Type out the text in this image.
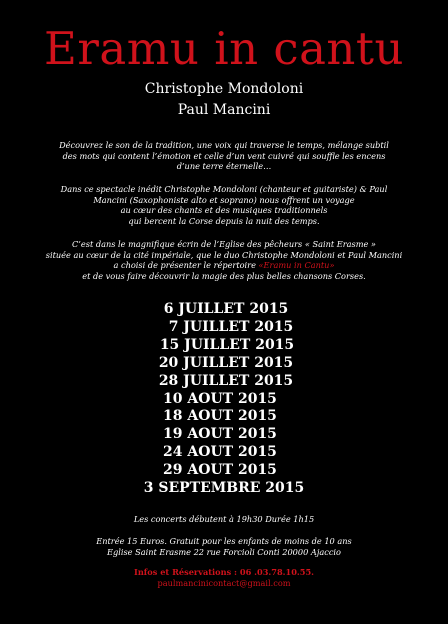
Eramu in cantu
Christophe Mondoloni
Paul Mancini
Découvrez le son de la tradition, une voix qui traverse le temps, mélange subtil
des mots qui content l’émotion et celle d’un vent cuivré qui souffle les encens
d’une terre éternelle…
Dans ce spectacle inédit Christophe Mondoloni (chanteur et guitariste) & Paul
Mancini (Saxophoniste alto et soprano) nous offrent un voyage
au cœur des chants et des musiques traditionnels
qui bercent la Corse depuis la nuit des temps.
C’est dans le magnifique écrin de l’Eglise des pêcheurs « Saint Erasme »
située au cœur de la cité impériale, que le duo Christophe Mondoloni et Paul Mancini
a choisi de présenter le répertoire «Eramu in Cantu»
et de vous faire découvrir la magie des plus belles chansons Corses.
6 JUILLET 2015
7 JUILLET 2015
15 JUILLET 2015
20 JUILLET 2015
28 JUILLET 2015
10 AOUT 2015
18 AOUT 2015
19 AOUT 2015
24 AOUT 2015
29 AOUT 2015
3 SEPTEMBRE 2015
Les concerts débutent à 19h30 Durée 1h15
Entrée 15 Euros. Gratuit pour les enfants de moins de 10 ans
Eglise Saint Erasme 22 rue Forcioli Conti 20000 Ajaccio
Infos et Réservations : 06 .03.78.10.55.
paulmancinicontact@gmail.com
